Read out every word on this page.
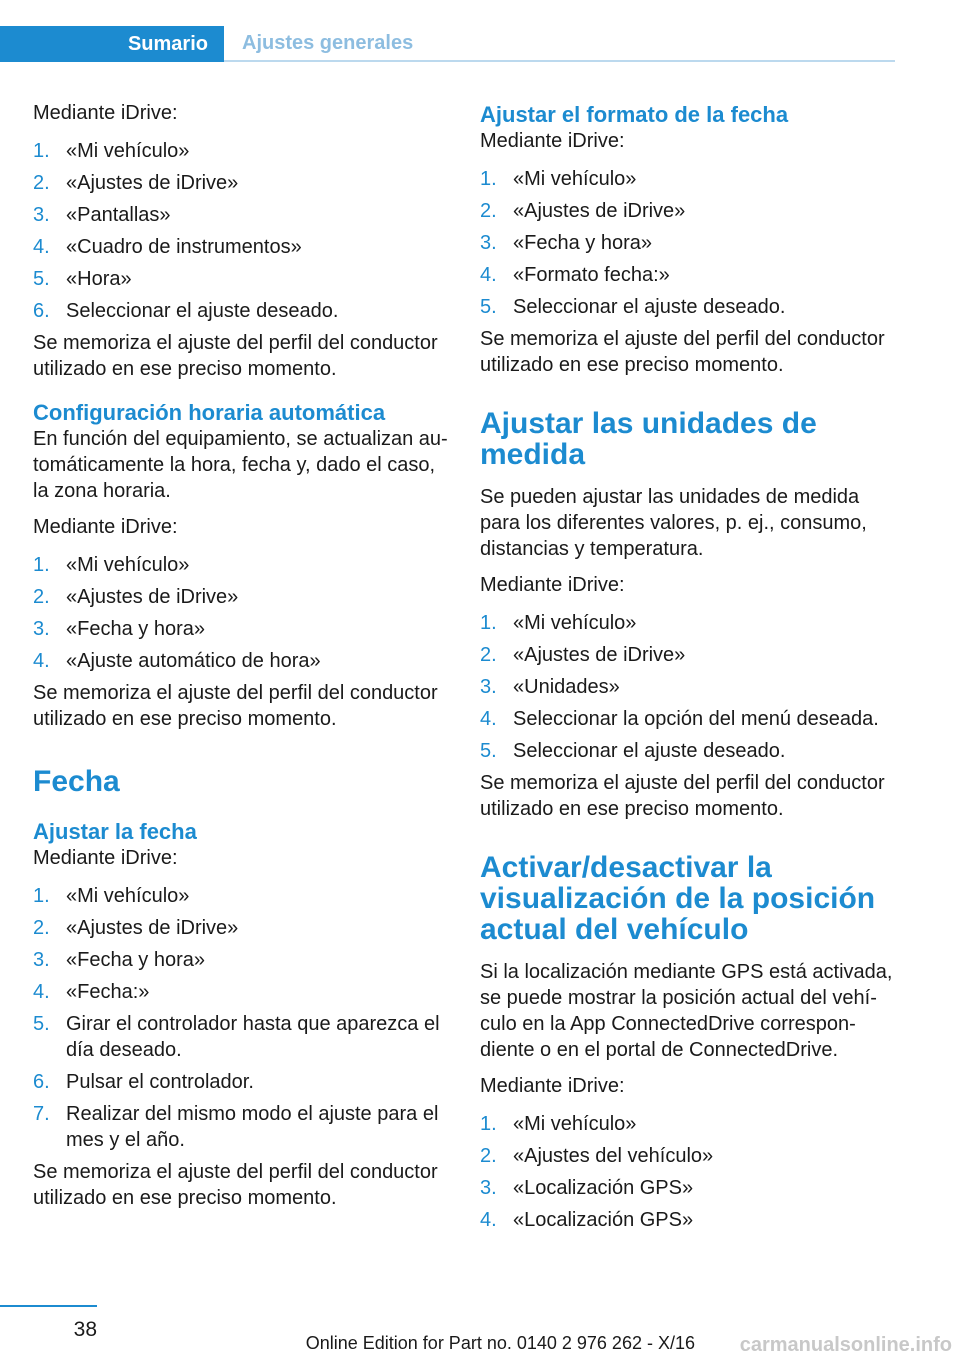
Sumario	Ajustes generales
Mediante iDrive:
1. «Mi vehículo»
2. «Ajustes de iDrive»
3. «Pantallas»
4. «Cuadro de instrumentos»
5. «Hora»
6. Seleccionar el ajuste deseado.
Se memoriza el ajuste del perfil del conductor utilizado en ese preciso momento.
Configuración horaria automática
En función del equipamiento, se actualizan au‐ tomáticamente la hora, fecha y, dado el caso, la zona horaria.
Mediante iDrive:
1. «Mi vehículo»
2. «Ajustes de iDrive»
3. «Fecha y hora»
4. «Ajuste automático de hora»
Se memoriza el ajuste del perfil del conductor utilizado en ese preciso momento.
Fecha
Ajustar la fecha
Mediante iDrive:
1. «Mi vehículo»
2. «Ajustes de iDrive»
3. «Fecha y hora»
4. «Fecha:»
5. Girar el controlador hasta que aparezca el día deseado.
6. Pulsar el controlador.
7. Realizar del mismo modo el ajuste para el mes y el año.
Se memoriza el ajuste del perfil del conductor utilizado en ese preciso momento.
Ajustar el formato de la fecha
Mediante iDrive:
1. «Mi vehículo»
2. «Ajustes de iDrive»
3. «Fecha y hora»
4. «Formato fecha:»
5. Seleccionar el ajuste deseado.
Se memoriza el ajuste del perfil del conductor utilizado en ese preciso momento.
Ajustar las unidades de medida
Se pueden ajustar las unidades de medida para los diferentes valores, p. ej., consumo, distancias y temperatura.
Mediante iDrive:
1. «Mi vehículo»
2. «Ajustes de iDrive»
3. «Unidades»
4. Seleccionar la opción del menú deseada.
5. Seleccionar el ajuste deseado.
Se memoriza el ajuste del perfil del conductor utilizado en ese preciso momento.
Activar/desactivar la visualización de la posición actual del vehículo
Si la localización mediante GPS está activada, se puede mostrar la posición actual del vehí‐ culo en la App ConnectedDrive correspon‐ diente o en el portal de ConnectedDrive.
Mediante iDrive:
1. «Mi vehículo»
2. «Ajustes del vehículo»
3. «Localización GPS»
4. «Localización GPS»
38
Online Edition for Part no. 0140 2 976 262 - X/16 carmanualsonline.info
